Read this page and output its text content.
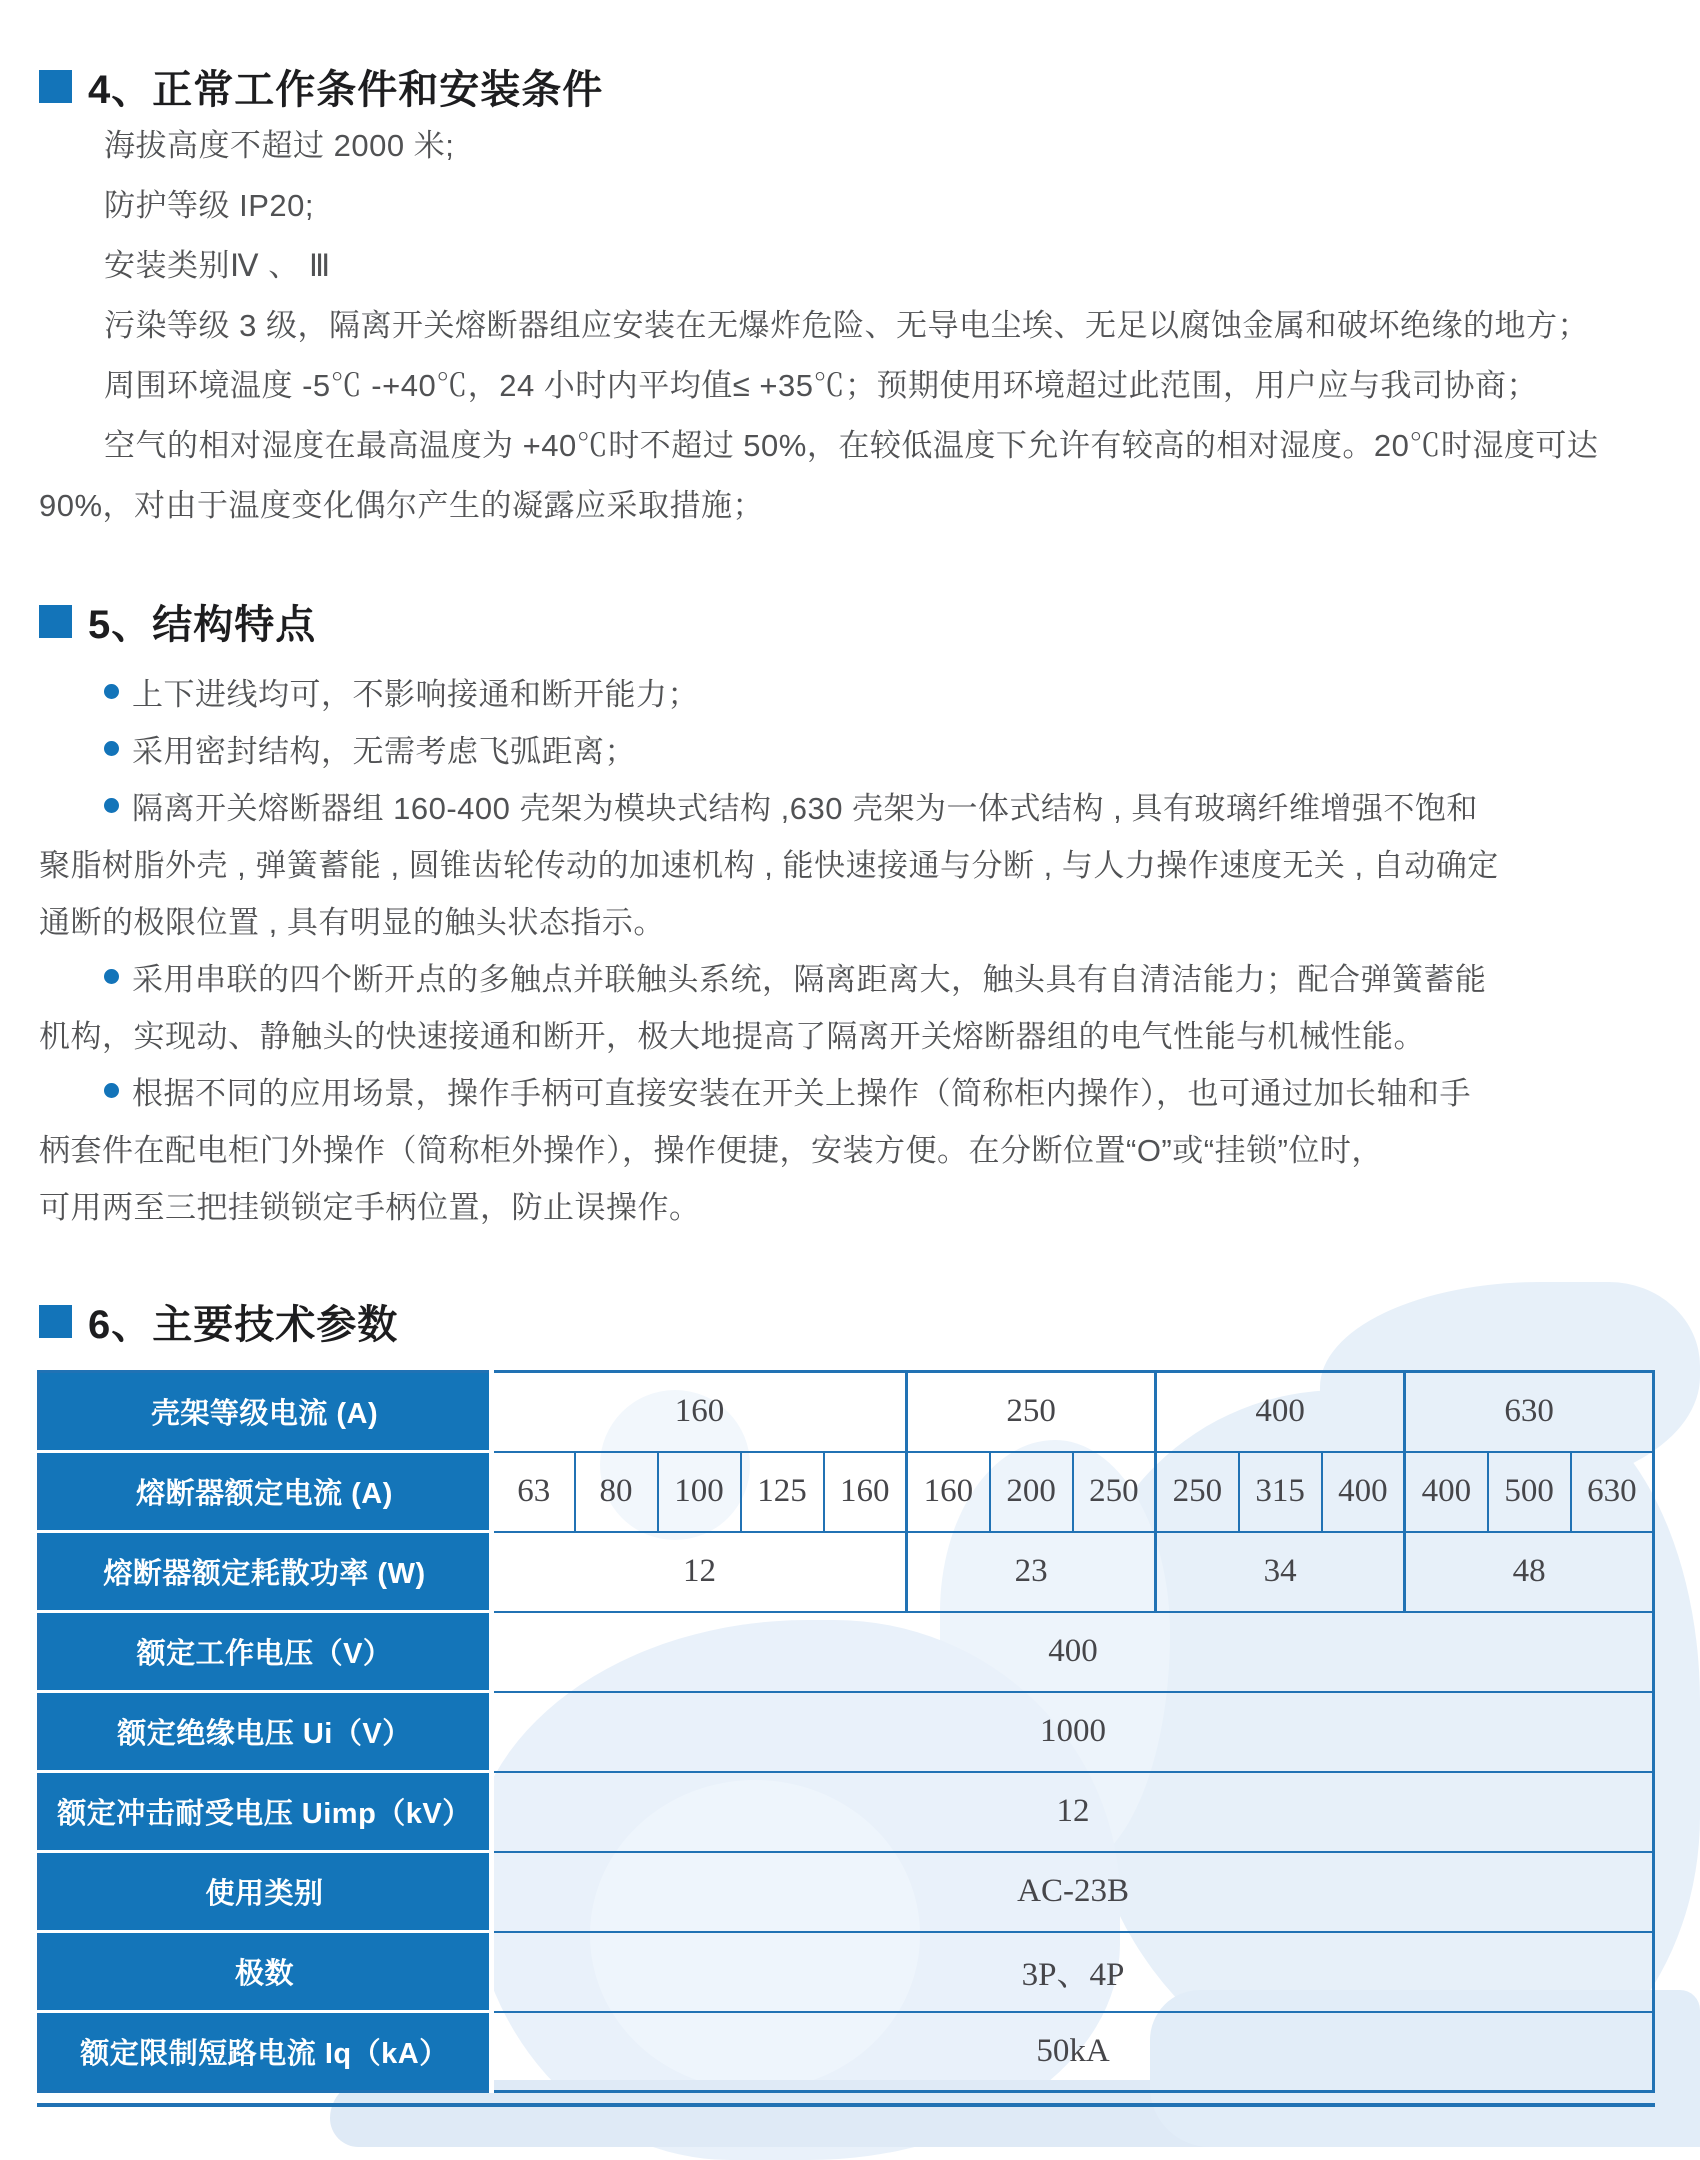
4、正常工作条件和安装条件
海拔高度不超过 2000 米;
防护等级 IP20;
安装类别Ⅳ 、 Ⅲ
污染等级 3 级，隔离开关熔断器组应安装在无爆炸危险、无导电尘埃、无足以腐蚀金属和破坏绝缘的地方；
周围环境温度 -5℃ -+40℃，24 小时内平均值≤ +35℃；预期使用环境超过此范围，用户应与我司协商；
空气的相对湿度在最高温度为 +40℃时不超过 50%，在较低温度下允许有较高的相对湿度。20℃时湿度可达
90%，对由于温度变化偶尔产生的凝露应采取措施；
5、结构特点
上下进线均可，不影响接通和断开能力；
采用密封结构，无需考虑飞弧距离；
隔离开关熔断器组 160-400 壳架为模块式结构 ,630 壳架为一体式结构 , 具有玻璃纤维增强不饱和
聚脂树脂外壳 , 弹簧蓄能 , 圆锥齿轮传动的加速机构 , 能快速接通与分断 , 与人力操作速度无关 , 自动确定
通断的极限位置 , 具有明显的触头状态指示。
采用串联的四个断开点的多触点并联触头系统，隔离距离大，触头具有自清洁能力；配合弹簧蓄能
机构，实现动、静触头的快速接通和断开，极大地提高了隔离开关熔断器组的电气性能与机械性能。
根据不同的应用场景，操作手柄可直接安装在开关上操作（简称柜内操作），也可通过加长轴和手
柄套件在配电柜门外操作（简称柜外操作），操作便捷，安装方便。在分断位置“O”或“挂锁”位时，
可用两至三把挂锁锁定手柄位置，防止误操作。
6、主要技术参数
壳架等级电流 (A)	160					250			400			630		
熔断器额定电流 (A)	63	80	100	125	160	160	200	250	250	315	400	400	500	630
熔断器额定耗散功率 (W)	12					23			34			48		
额定工作电压（V）	400													
额定绝缘电压 Ui（V）	1000													
额定冲击耐受电压 Uimp（kV）	12													
使用类别	AC-23B													
极数	3P、4P													
额定限制短路电流 Iq（kA）	50kA													
